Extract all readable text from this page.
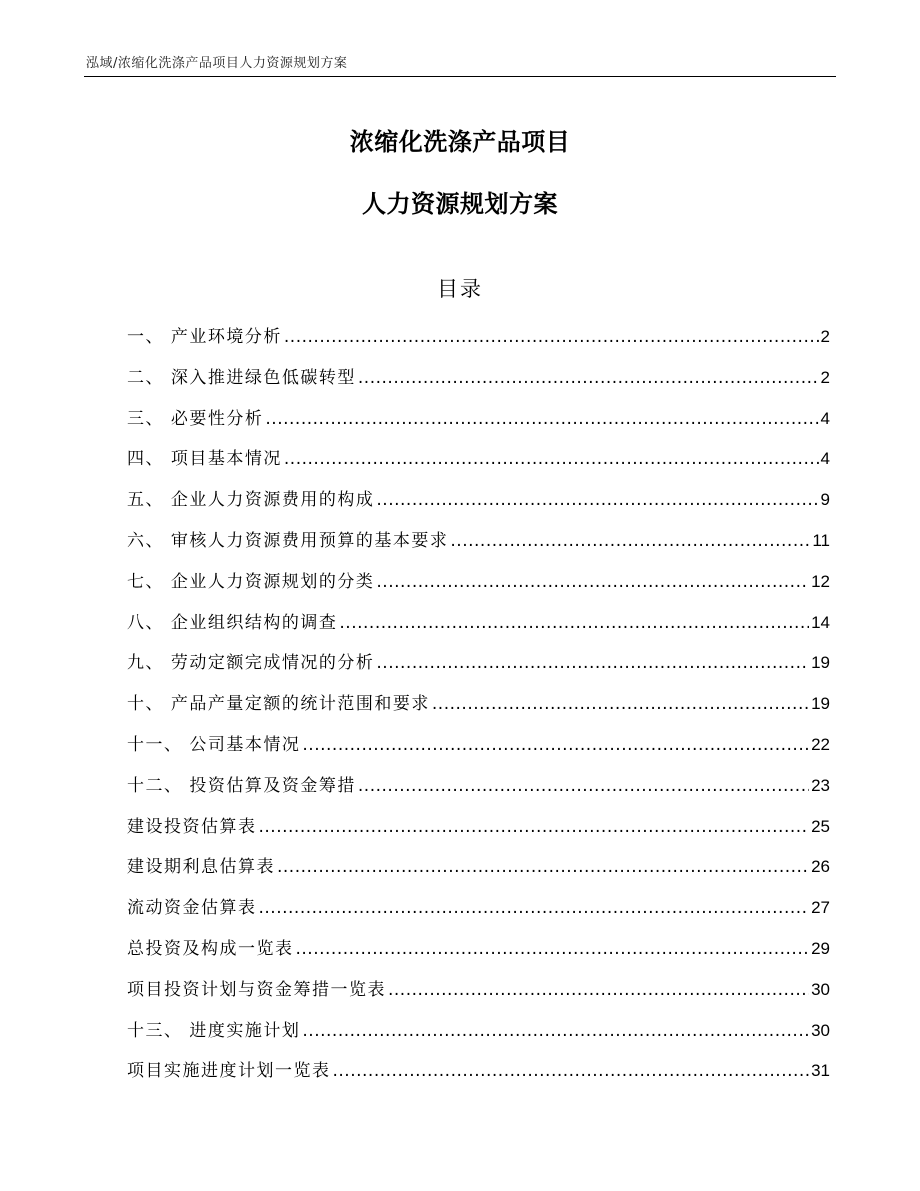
泓域/浓缩化洗涤产品项目人力资源规划方案
浓缩化洗涤产品项目
人力资源规划方案
目录
一、 产业环境分析 .....	2
二、 深入推进绿色低碳转型 .....	2
三、 必要性分析 .....	4
四、 项目基本情况 .....	4
五、 企业人力资源费用的构成 .....	9
六、 审核人力资源费用预算的基本要求 .....	11
七、 企业人力资源规划的分类 .....	12
八、 企业组织结构的调查 .....	14
九、 劳动定额完成情况的分析 .....	19
十、 产品产量定额的统计范围和要求 .....	19
十一、 公司基本情况 .....	22
十二、 投资估算及资金筹措 .....	23
建设投资估算表 .....	25
建设期利息估算表 .....	26
流动资金估算表 .....	27
总投资及构成一览表 .....	29
项目投资计划与资金筹措一览表 .....	30
十三、 进度实施计划 .....	30
项目实施进度计划一览表 .....	31
